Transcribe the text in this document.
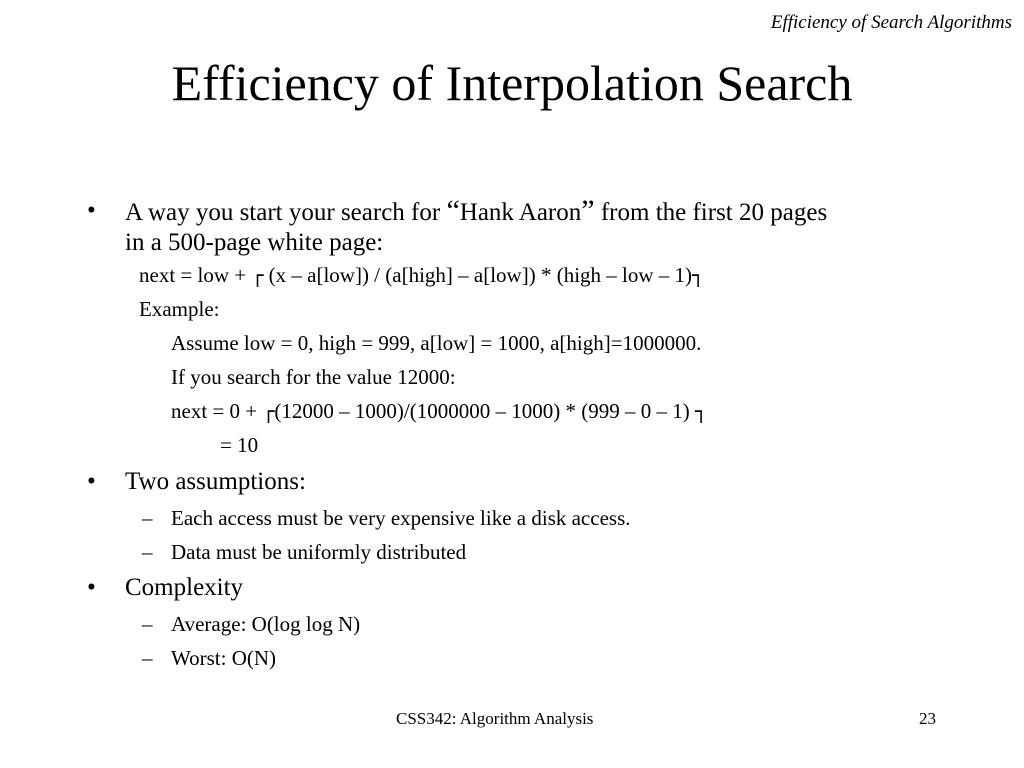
Efficiency of Search Algorithms
Efficiency of Interpolation Search
• A way you start your search for “Hank Aaron” from the first 20 pages
in a 500-page white page:
next = low + ┌ (x – a[low]) / (a[high] – a[low]) * (high – low – 1)┐
Example:
Assume low = 0, high = 999, a[low] = 1000, a[high]=1000000.
If you search for the value 12000:
next = 0 + ┌(12000 – 1000)/(1000000 – 1000) * (999 – 0 – 1) ┐
= 10
• Two assumptions:
– Each access must be very expensive like a disk access.
– Data must be uniformly distributed
• Complexity
– Average: O(log log N)
– Worst: O(N)
CSS342: Algorithm Analysis	23
